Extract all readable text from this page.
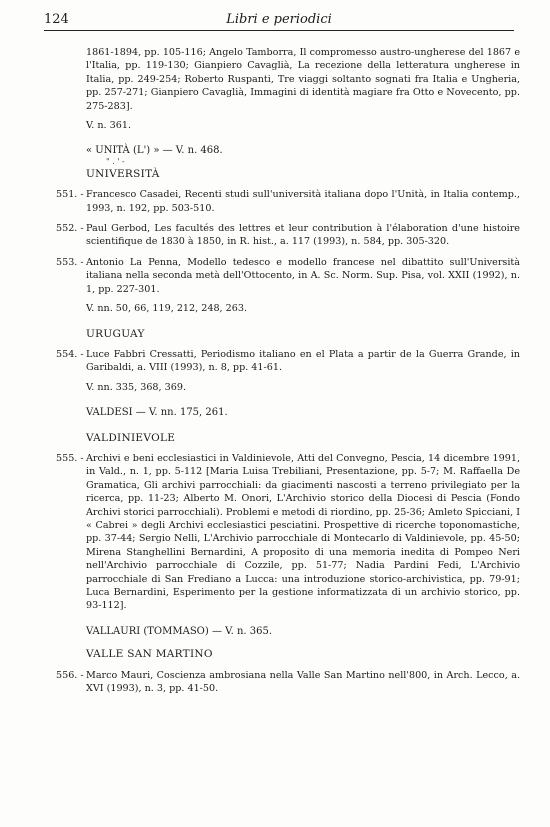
124	Libri e periodici
1861-1894, pp. 105-116; Angelo Tamborra, Il compromesso austro-ungherese del 1867 e l'Italia, pp. 119-130; Gianpiero Cavaglià, La recezione della letteratura ungherese in Italia, pp. 249-254; Roberto Ruspanti, Tre viaggi soltanto sognati fra Italia e Ungheria, pp. 257-271; Gianpiero Cavaglià, Immagini di identità magiare fra Otto e Novecento, pp. 275-283].
V. n. 361.
« UNITÀ (L') » — V. n. 468.
" . ' -
UNIVERSITÀ
551. - Francesco Casadei, Recenti studi sull'università italiana dopo l'Unità, in Italia contemp., 1993, n. 192, pp. 503-510.
552. - Paul Gerbod, Les facultés des lettres et leur contribution à l'élaboration d'une histoire scientifique de 1830 à 1850, in R. hist., a. 117 (1993), n. 584, pp. 305-320.
553. - Antonio La Penna, Modello tedesco e modello francese nel dibattito sull'Università italiana nella seconda metà dell'Ottocento, in A. Sc. Norm. Sup. Pisa, vol. XXII (1992), n. 1, pp. 227-301.
V. nn. 50, 66, 119, 212, 248, 263.
URUGUAY
554. - Luce Fabbri Cressatti, Periodismo italiano en el Plata a partir de la Guerra Grande, in Garibaldi, a. VIII (1993), n. 8, pp. 41-61.
V. nn. 335, 368, 369.
VALDESI — V. nn. 175, 261.
VALDINIEVOLE
555. - Archivi e beni ecclesiastici in Valdinievole, Atti del Convegno, Pescia, 14 dicembre 1991, in Vald., n. 1, pp. 5-112 [Maria Luisa Trebiliani, Presentazione, pp. 5-7; M. Raffaella De Gramatica, Gli archivi parrocchiali: da giacimenti nascosti a terreno privilegiato per la ricerca, pp. 11-23; Alberto M. Onori, L'Archivio storico della Diocesi di Pescia (Fondo Archivi storici parrocchiali). Problemi e metodi di riordino, pp. 25-36; Amleto Spicciani, I « Cabrei » degli Archivi ecclesiastici pesciatini. Prospettive di ricerche toponomastiche, pp. 37-44; Sergio Nelli, L'Archivio parrocchiale di Montecarlo di Valdinievole, pp. 45-50; Mirena Stanghellini Bernardini, A proposito di una memoria inedita di Pompeo Neri nell'Archivio parrocchiale di Cozzile, pp. 51-77; Nadia Pardini Fedi, L'Archivio parrocchiale di San Frediano a Lucca: una introduzione storico-archivistica, pp. 79-91; Luca Bernardini, Esperimento per la gestione informatizzata di un archivio storico, pp. 93-112].
VALLAURI (TOMMASO) — V. n. 365.
VALLE SAN MARTINO
556. - Marco Mauri, Coscienza ambrosiana nella Valle San Martino nell'800, in Arch. Lecco, a. XVI (1993), n. 3, pp. 41-50.
